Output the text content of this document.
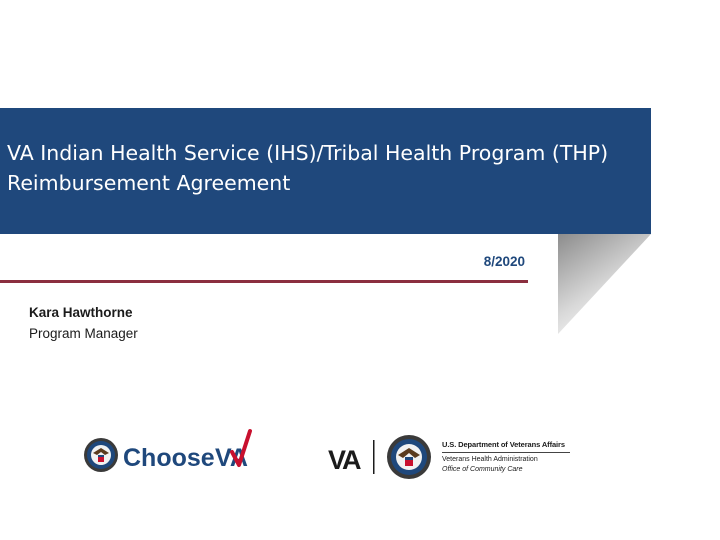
VA Indian Health Service (IHS)/Tribal Health Program (THP)
Reimbursement Agreement
8/2020
Kara Hawthorne
Program Manager
Choose VA	VA
U.S. Department of Veterans Affairs
Veterans Health Administration
Office of Community Care
